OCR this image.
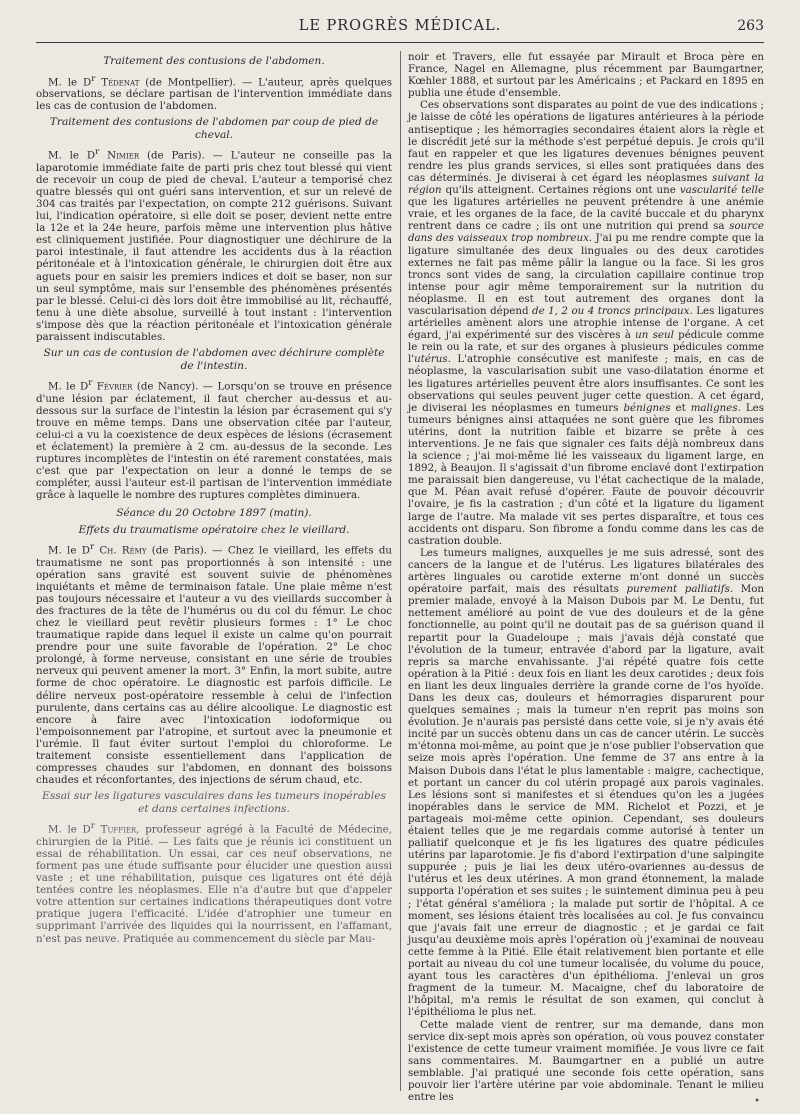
LE PROGRÈS MÉDICAL.	263
Traitement des contusions de l'abdomen.

M. le $D^r$ Tédenat (de Montpellier). — L'auteur, après quelques observations, se déclare partisan de l'intervention immédiate dans les cas de contusion de l'abdomen.

Traitement des contusions de l'abdomen par coup de pied de cheval.

M. le $D^r$ Nimier (de Paris). — L'auteur ne conseille pas la laparotomie immédiate faite de parti pris chez tout blessé qui vient de recevoir un coup de pied de cheval. L'auteur a temporisé chez quatre blessés qui ont guéri sans intervention, et sur un relevé de 304 cas traités par l'expectation, on compte 212 guérisons. Suivant lui, l'indication opératoire, si elle doit se poser, devient nette entre la 12e et la 24e heure, parfois même une intervention plus hâtive est cliniquement justifiée. Pour diagnostiquer une déchirure de la paroi intestinale, il faut attendre les accidents dus à la réaction péritonéale et à l'intoxication générale, le chirurgien doit être aux aguets pour en saisir les premiers indices et doit se baser, non sur un seul symptôme, mais sur l'ensemble des phénomènes présentés par le blessé. Celui-ci dès lors doit être immobilisé au lit, réchauffé, tenu à une diète absolue, surveillé à tout instant : l'intervention s'impose dès que la réaction péritonéale et l'intoxication générale paraissent indiscutables.

Sur un cas de contusion de l'abdomen avec déchirure complète de l'intestin.

M. le $D^r$ Février (de Nancy). — Lorsqu'on se trouve en présence d'une lésion par éclatement, il faut chercher au-dessus et au-dessous sur la surface de l'intestin la lésion par écrasement qui s'y trouve en même temps. Dans une observation citée par l'auteur, celui-ci a vu la coexistence de deux espèces de lésions (écrasement et éclatement) la première à 2 cm. au-dessus de la seconde. Les ruptures incomplètes de l'intestin on été rarement constatées, mais c'est que par l'expectation on leur a donné le temps de se compléter, aussi l'auteur est-il partisan de l'intervention immédiate grâce à laquelle le nombre des ruptures complètes diminuera.

Séance du 20 Octobre 1897 (matin).
Effets du traumatisme opératoire chez le vieillard.

M. le $D^r$ Ch. Rémy (de Paris). — Chez le vieillard, les effets du traumatisme ne sont pas proportionnés à son intensité : une opération sans gravité est souvent suivie de phénomènes inquiétants et même de terminaison fatale. Une plaie même n'est pas toujours nécessaire et l'auteur a vu des vieillards succomber à des fractures de la tête de l'humérus ou du col du fémur. Le choc chez le vieillard peut revêtir plusieurs formes : 1° Le choc traumatique rapide dans lequel il existe un calme qu'on pourrait prendre pour une suite favorable de l'opération. 2° Le choc prolongé, à forme nerveuse, consistant en une série de troubles nerveux qui peuvent amener la mort. 3° Enfin, la mort subite, autre forme de choc opératoire. Le diagnostic est parfois difficile. Le délire nerveux post-opératoire ressemble à celui de l'infection purulente, dans certains cas au délire alcoolique. Le diagnostic est encore à faire avec l'intoxication iodoformique ou l'empoisonnement par l'atropine, et surtout avec la pneumonie et l'urémie. Il faut éviter surtout l'emploi du chloroforme. Le traitement consiste essentiellement dans l'application de compresses chaudes sur l'abdomen, en donnant des boissons chaudes et réconfortantes, des injections de sérum chaud, etc.

Essai sur les ligatures vasculaires dans les tumeurs inopérables et dans certaines infections.

M. le $D^r$ Tuffier, professeur agrégé à la Faculté de Médecine, chirurgien de la Pitié. — Les faits que je réunis ici constituent un essai de réhabilitation. Un essai, car ces neuf observations, ne forment pas une étude suffisante pour élucider une question aussi vaste ; et une réhabilitation, puisque ces ligatures ont été déjà tentées contre les néoplasmes. Elle n'a d'autre but que d'appeler votre attention sur certaines indications thérapeutiques dont votre pratique jugera l'efficacité. L'idée d'atrophier une tumeur en supprimant l'arrivée des liquides qui la nourrissent, en l'affamant, n'est pas neuve. Pratiquée au commencement du siècle par Mau-

noir et Travers, elle fut essayée par Mirault et Broca père en France, Nagel en Allemagne, plus récemment par Baumgartner, Kœhler 1888, et surtout par les Américains ; et Packard en 1895 en publia une étude d'ensemble.

Ces observations sont disparates au point de vue des indications ; je laisse de côté les opérations de ligatures antérieures à la période antiseptique ; les hémorragies secondaires étaient alors la règle et le discrédit jeté sur la méthode s'est perpétué depuis. Je crois qu'il faut en rappeler et que les ligatures devenues bénignes peuvent rendre les plus grands services, si elles sont pratiquées dans des cas déterminés. Je diviserai à cet égard les néoplasmes suivant la région qu'ils atteignent. Certaines régions ont une vascularité telle que les ligatures artérielles ne peuvent prétendre à une anémie vraie, et les organes de la face, de la cavité buccale et du pharynx rentrent dans ce cadre ; ils ont une nutrition qui prend sa source dans des vaisseaux trop nombreux. J'ai pu me rendre compte que la ligature simultanée des deux linguales ou des deux carotides externes ne fait pas même pâlir la langue ou la face. Si les gros troncs sont vides de sang, la circulation capillaire continue trop intense pour agir même temporairement sur la nutrition du néoplasme. Il en est tout autrement des organes dont la vascularisation dépend de 1, 2 ou 4 troncs principaux. Les ligatures artérielles amènent alors une atrophie intense de l'organe. A cet égard, j'ai expérimenté sur des viscères à un seul pédicule comme le rein ou la rate, et sur des organes à plusieurs pédicules comme l'utérus. L'atrophie consécutive est manifeste ; mais, en cas de néoplasme, la vascularisation subit une vaso-dilatation énorme et les ligatures artérielles peuvent être alors insuffisantes. Ce sont les observations qui seules peuvent juger cette question. A cet égard, je diviserai les néoplasmes en tumeurs bénignes et malignes. Les tumeurs bénignes ainsi attaquées ne sont guère que les fibromes utérins, dont la nutrition faible et bizarre se prête à ces interventions. Je ne fais que signaler ces faits déjà nombreux dans la science ; j'ai moi-même lié les vaisseaux du ligament large, en 1892, à Beaujon. Il s'agissait d'un fibrome enclavé dont l'extirpation me paraissait bien dangereuse, vu l'état cachectique de la malade, que M. Péan avait refusé d'opérer. Faute de pouvoir découvrir l'ovaire, je fis la castration ; d'un côté et la ligature du ligament large de l'autre. Ma malade vit ses pertes disparaître, et tous ces accidents ont disparu. Son fibrome a fondu comme dans les cas de castration double.

Les tumeurs malignes, auxquelles je me suis adressé, sont des cancers de la langue et de l'utérus. Les ligatures bilatérales des artères linguales ou carotide externe m'ont donné un succès opératoire parfait, mais des résultats purement palliatifs. Mon premier malade, envoyé à la Maison Dubois par M. Le Dentu, fut nettement amélioré au point de vue des douleurs et de la gêne fonctionnelle, au point qu'il ne doutait pas de sa guérison quand il repartit pour la Guadeloupe ; mais j'avais déjà constaté que l'évolution de la tumeur, entravée d'abord par la ligature, avait repris sa marche envahissante. J'ai répété quatre fois cette opération à la Pitié : deux fois en liant les deux carotides ; deux fois en liant les deux linguales derrière la grande corne de l'os hyoïde. Dans les deux cas, douleurs et hémorragies disparurent pour quelques semaines ; mais la tumeur n'en reprit pas moins son évolution. Je n'aurais pas persisté dans cette voie, si je n'y avais été incité par un succès obtenu dans un cas de cancer utérin. Le succès m'étonna moi-même, au point que je n'ose publier l'observation que seize mois après l'opération. Une femme de 37 ans entre à la Maison Dubois dans l'état le plus lamentable : maigre, cachectique, et portant un cancer du col utérin propagé aux parois vaginales. Les lésions sont si manifestes et si étendues qu'on les a jugées inopérables dans le service de MM. Richelot et Pozzi, et je partageais moi-même cette opinion. Cependant, ses douleurs étaient telles que je me regardais comme autorisé à tenter un palliatif quelconque et je fis les ligatures des quatre pédicules utérins par laparotomie. Je fis d'abord l'extirpation d'une salpingite suppurée ; puis je liai les deux utéro-ovariennes au-dessus de l'utérus et les deux utérines. A mon grand étonnement, la malade supporta l'opération et ses suites ; le suintement diminua peu à peu ; l'état général s'améliora ; la malade put sortir de l'hôpital. A ce moment, ses lésions étaient très localisées au col. Je fus convaincu que j'avais fait une erreur de diagnostic ; et je gardai ce fait jusqu'au deuxième mois après l'opération où j'examinai de nouveau cette femme à la Pitié. Elle était relativement bien portante et elle portait au niveau du col une tumeur localisée, du volume du pouce, ayant tous les caractères d'un épithélioma. J'enlevai un gros fragment de la tumeur. M. Macaigne, chef du laboratoire de l'hôpital, m'a remis le résultat de son examen, qui conclut à l'épithélioma le plus net.

Cette malade vient de rentrer, sur ma demande, dans mon service dix-sept mois après son opération, où vous pouvez constater l'existence de cette tumeur vraiment momifiée. Je vous livre ce fait sans commentaires. M. Baumgartner en a publié un autre semblable. J'ai pratiqué une seconde fois cette opération, sans pouvoir lier l'artère utérine par voie abdominale. Tenant le milieu entre les	•
